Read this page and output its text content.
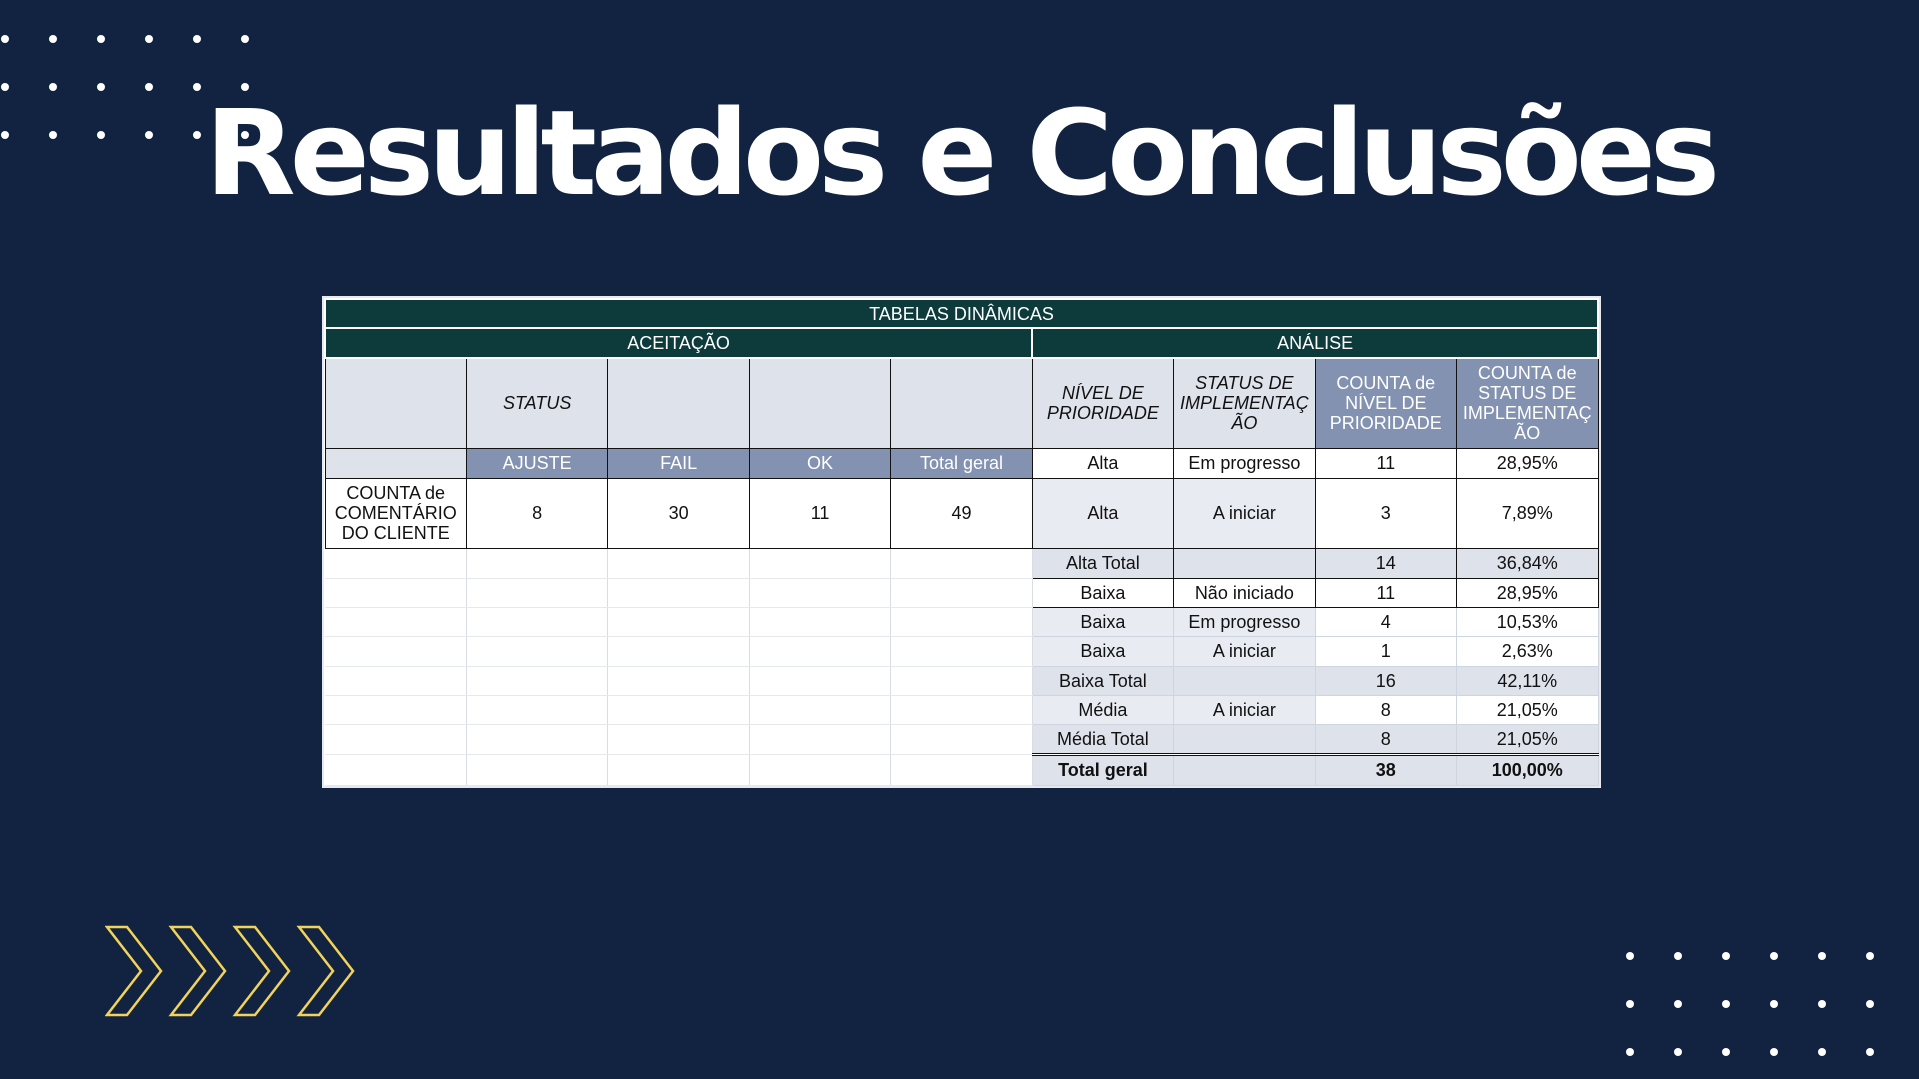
Resultados e Conclusões
TABELAS DINÂMICAS								
ACEITAÇÃO					ANÁLISE			
	STATUS				NÍVEL DE PRIORIDADE	STATUS DE IMPLEMENTAÇ ÃO	COUNTA de NÍVEL DE PRIORIDADE	COUNTA de STATUS DE IMPLEMENTAÇ ÃO
	AJUSTE	FAIL	OK	Total geral	Alta	Em progresso	11	28,95%
COUNTA de COMENTÁRIO DO CLIENTE	8	30	11	49	Alta	A iniciar	3	7,89%
					Alta Total		14	36,84%
					Baixa	Não iniciado	11	28,95%
					Baixa	Em progresso	4	10,53%
					Baixa	A iniciar	1	2,63%
					Baixa Total		16	42,11%
					Média	A iniciar	8	21,05%
					Média Total		8	21,05%
					Total geral		38	100,00%
